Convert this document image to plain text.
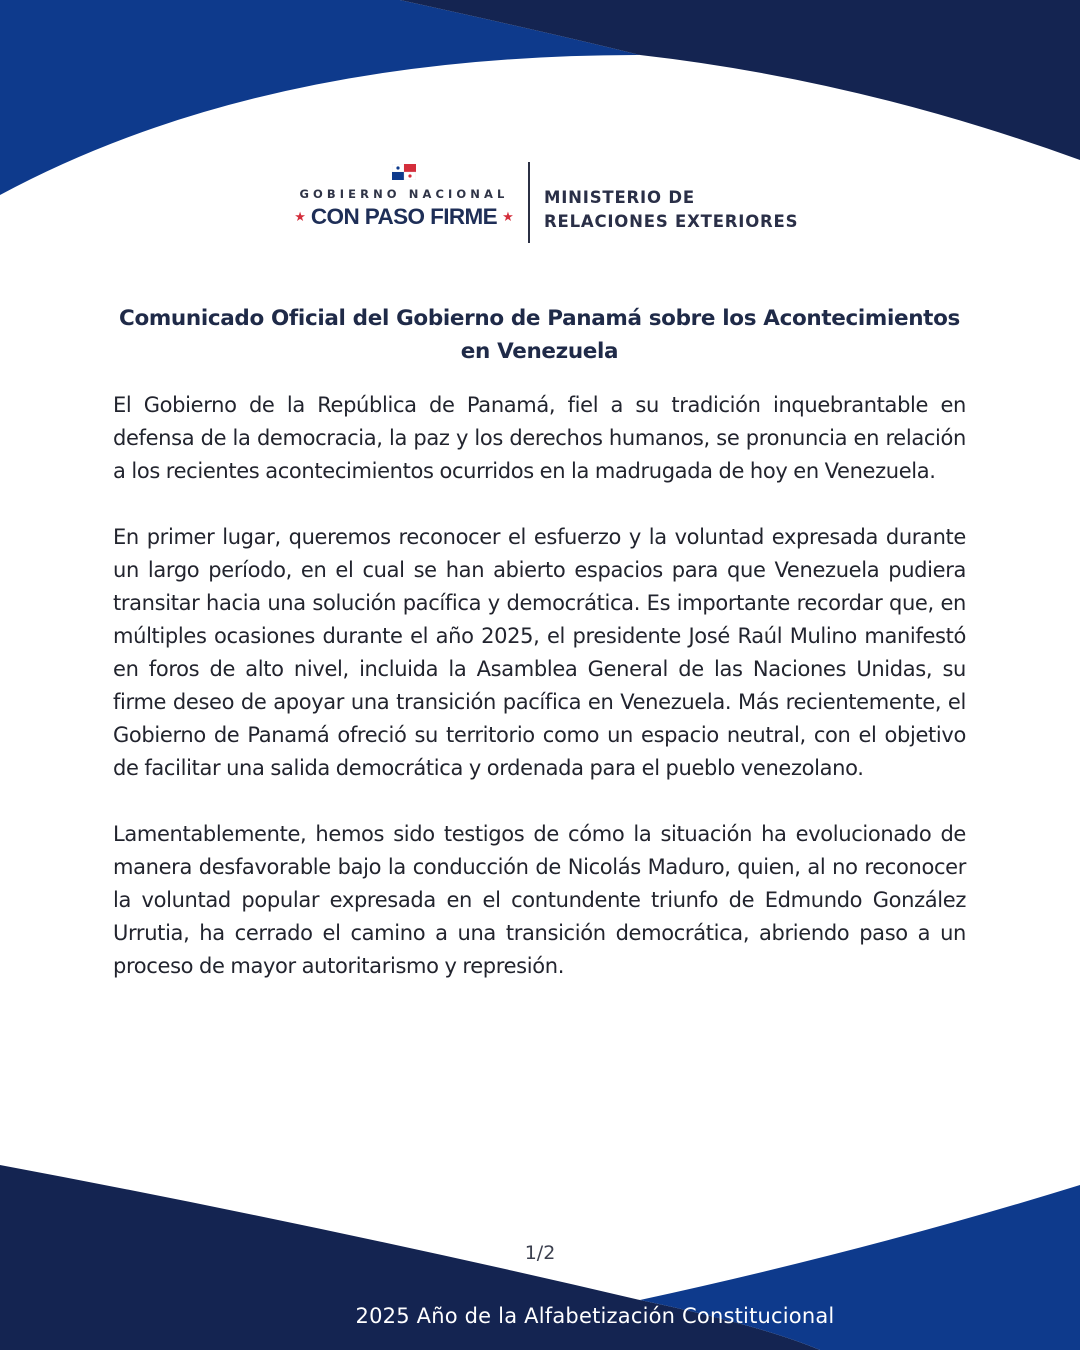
GOBIERNO NACIONAL
★ CON PASO FIRME ★
MINISTERIO DE
RELACIONES EXTERIORES
Comunicado Oficial del Gobierno de Panamá sobre los Acontecimientos en Venezuela

El Gobierno de la República de Panamá, fiel a su tradición inquebrantable en defensa de la democracia, la paz y los derechos humanos, se pronuncia en relación a los recientes acontecimientos ocurridos en la madrugada de hoy en Venezuela.

En primer lugar, queremos reconocer el esfuerzo y la voluntad expresada durante un largo período, en el cual se han abierto espacios para que Venezuela pudiera transitar hacia una solución pacífica y democrática. Es importante recordar que, en múltiples ocasiones durante el año 2025, el presidente José Raúl Mulino manifestó en foros de alto nivel, incluida la Asamblea General de las Naciones Unidas, su firme deseo de apoyar una transición pacífica en Venezuela. Más recientemente, el Gobierno de Panamá ofreció su territorio como un espacio neutral, con el objetivo de facilitar una salida democrática y ordenada para el pueblo venezolano.

Lamentablemente, hemos sido testigos de cómo la situación ha evolucionado de manera desfavorable bajo la conducción de Nicolás Maduro, quien, al no reconocer la voluntad popular expresada en el contundente triunfo de Edmundo González Urrutia, ha cerrado el camino a una transición democrática, abriendo paso a un proceso de mayor autoritarismo y represión.

1/2
2025 Año de la Alfabetización Constitucional
